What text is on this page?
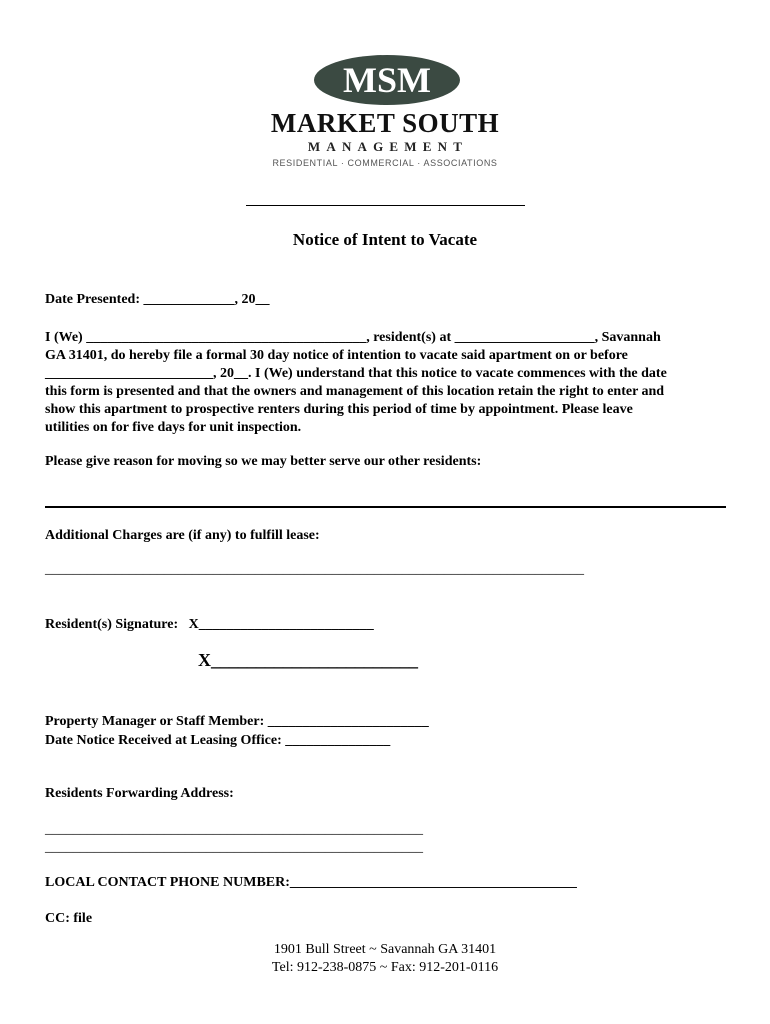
MSM
MARKET SOUTH
MANAGEMENT
RESIDENTIAL · COMMERCIAL · ASSOCIATIONS
Notice of Intent to Vacate
Date Presented: _____________, 20__
I (We) ________________________________________, resident(s) at ____________________, Savannah
GA 31401, do hereby file a formal 30 day notice of intention to vacate said apartment on or before
________________________, 20__. I (We) understand that this notice to vacate commences with the date
this form is presented and that the owners and management of this location retain the right to enter and
show this apartment to prospective renters during this period of time by appointment. Please leave
utilities on for five days for unit inspection.
Please give reason for moving so we may better serve our other residents:
Additional Charges are (if any) to fulfill lease:
_____________________________________________________________________________
Resident(s) Signature:   X_________________________
X_______________________
Property Manager or Staff Member: _______________________
Date Notice Received at Leasing Office: _______________
Residents Forwarding Address:
______________________________________________________
______________________________________________________
LOCAL CONTACT PHONE NUMBER:_________________________________________
CC: file
1901 Bull Street ~ Savannah GA 31401
Tel: 912-238-0875 ~ Fax: 912-201-0116
